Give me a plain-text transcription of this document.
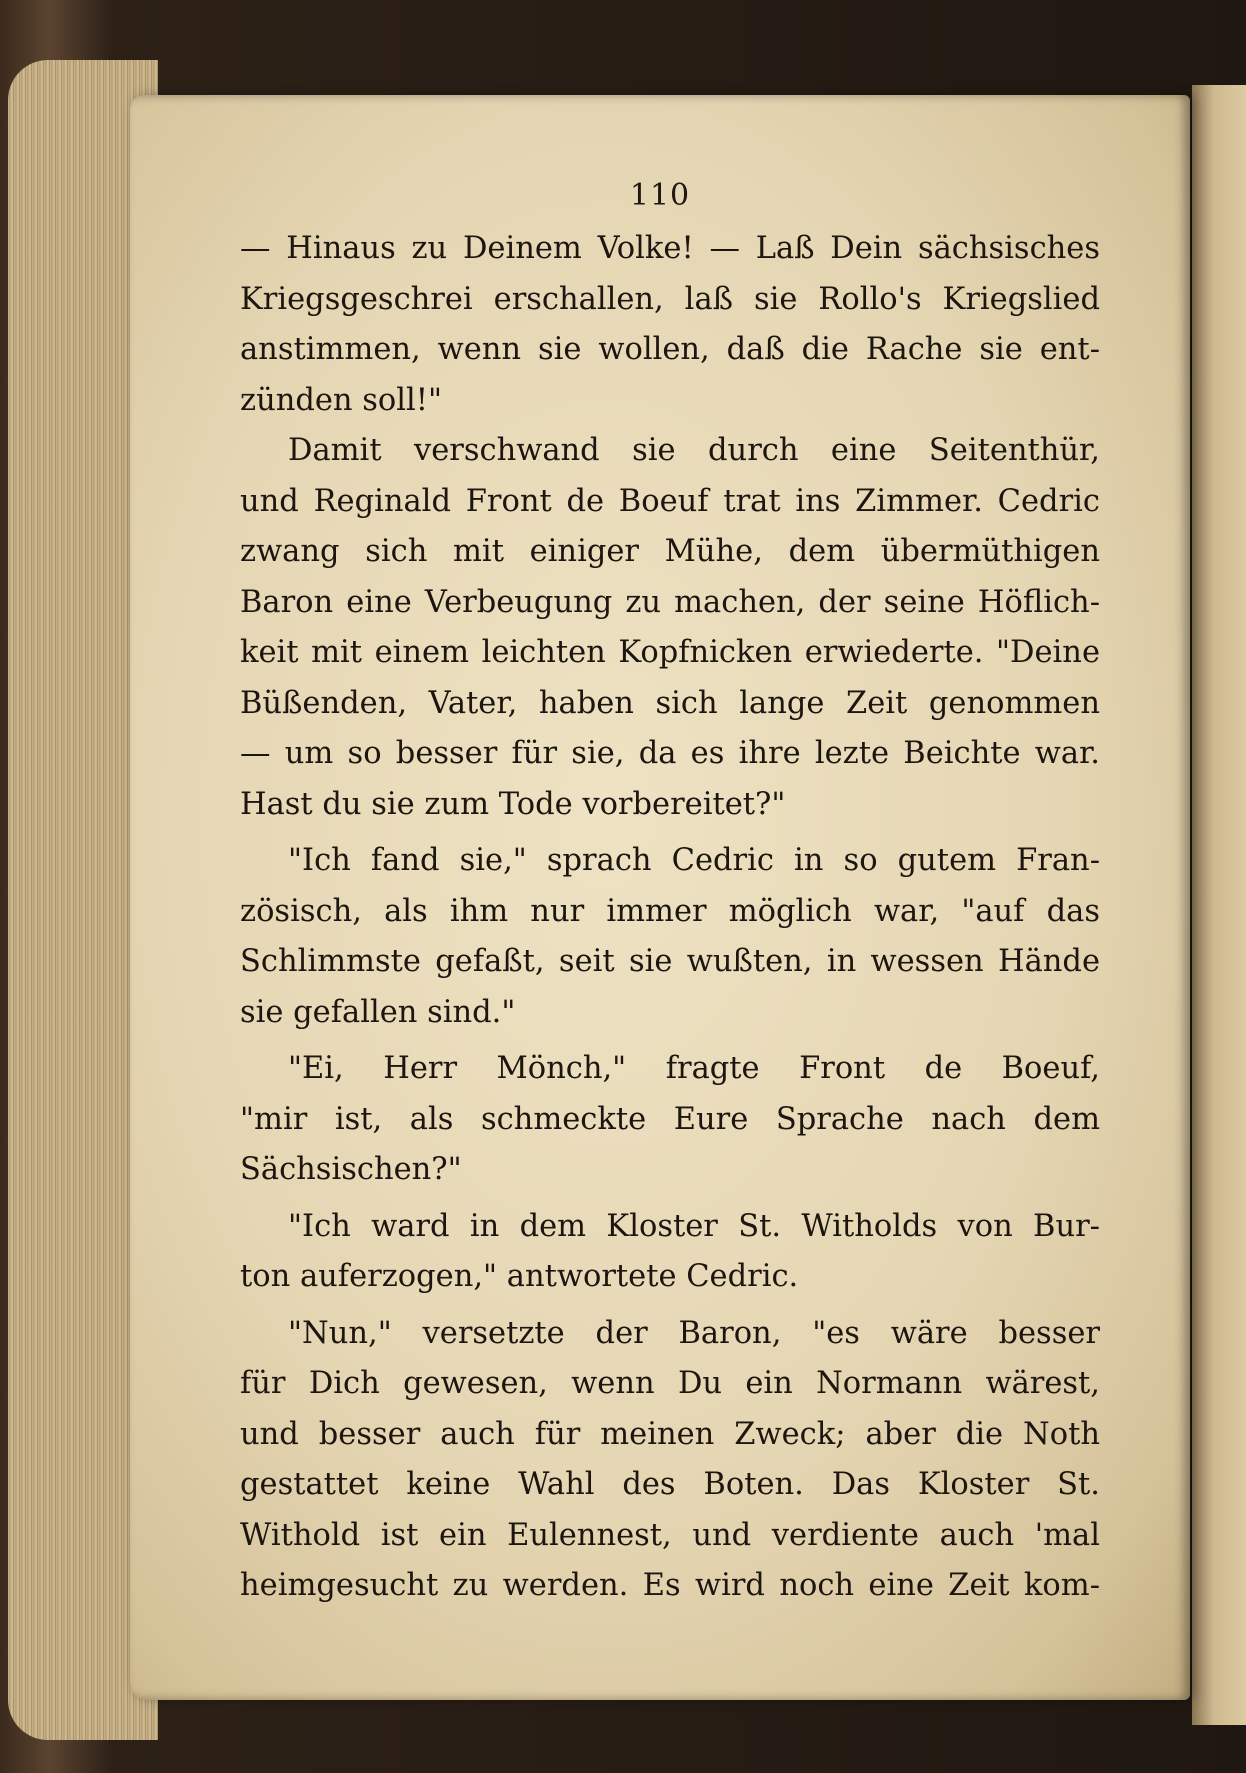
110
— Hinaus zu Deinem Volke! — Laß Dein sächsisches
Kriegsgeschrei erschallen, laß sie Rollo's Kriegslied
anstimmen, wenn sie wollen, daß die Rache sie ent-
zünden soll!"
Damit verschwand sie durch eine Seitenthür,
und Reginald Front de Boeuf trat ins Zimmer. Cedric
zwang sich mit einiger Mühe, dem übermüthigen
Baron eine Verbeugung zu machen, der seine Höflich-
keit mit einem leichten Kopfnicken erwiederte. "Deine
Büßenden, Vater, haben sich lange Zeit genommen
— um so besser für sie, da es ihre lezte Beichte war.
Hast du sie zum Tode vorbereitet?"
"Ich fand sie," sprach Cedric in so gutem Fran-
zösisch, als ihm nur immer möglich war, "auf das
Schlimmste gefaßt, seit sie wußten, in wessen Hände
sie gefallen sind."
"Ei, Herr Mönch," fragte Front de Boeuf,
"mir ist, als schmeckte Eure Sprache nach dem
Sächsischen?"
"Ich ward in dem Kloster St. Witholds von Bur-
ton auferzogen," antwortete Cedric.
"Nun," versetzte der Baron, "es wäre besser
für Dich gewesen, wenn Du ein Normann wärest,
und besser auch für meinen Zweck; aber die Noth
gestattet keine Wahl des Boten. Das Kloster St.
Withold ist ein Eulennest, und verdiente auch 'mal
heimgesucht zu werden. Es wird noch eine Zeit kom-
